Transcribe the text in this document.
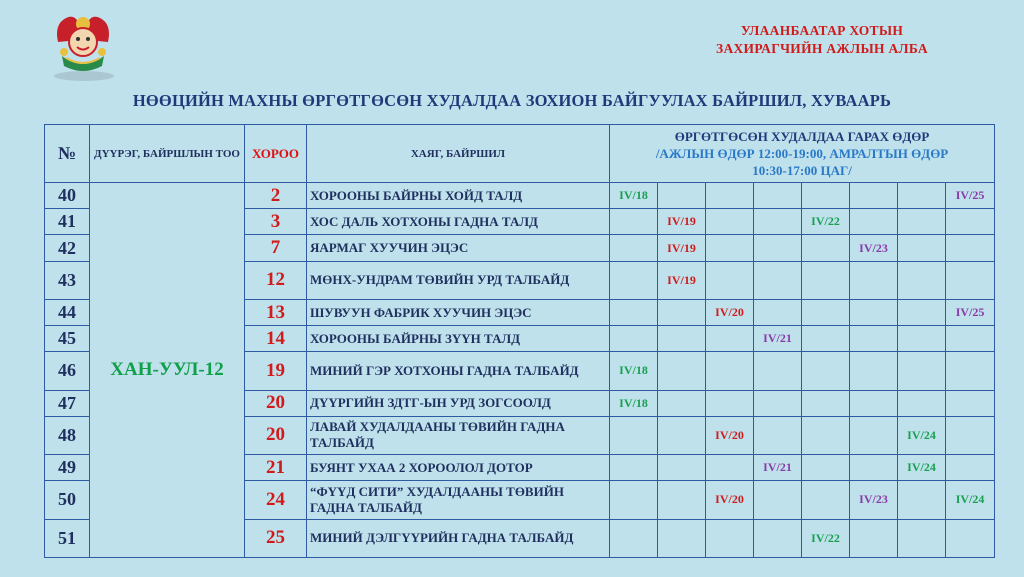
УЛААНБААТАР ХОТЫН
ЗАХИРАГЧИЙН АЖЛЫН АЛБА
НӨӨЦИЙН МАХНЫ ӨРГӨТГӨСӨН ХУДАЛДАА ЗОХИОН БАЙГУУЛАХ БАЙРШИЛ, ХУВААРЬ
№	ДҮҮРЭГ, БАЙРШЛЫН ТОО	ХОРОО	ХАЯГ, БАЙРШИЛ	ӨРГӨТГӨСӨН ХУДАЛДАА ГАРАХ ӨДӨР
/АЖЛЫН ӨДӨР 12:00-19:00, АМРАЛТЫН ӨДӨР
10:30-17:00 ЦАГ/							

40	ХАН-УУЛ-12	2	ХОРООНЫ БАЙРНЫ ХОЙД ТАЛД	IV/18							IV/25
41		3	ХОС ДАЛЬ ХОТХОНЫ ГАДНА ТАЛД		IV/19			IV/22			
42		7	ЯАРМАГ ХУУЧИН ЭЦЭС		IV/19				IV/23		
43		12	МӨНХ-УНДРАМ ТӨВИЙН УРД ТАЛБАЙД		IV/19						
44		13	ШУВУУН ФАБРИК ХУУЧИН ЭЦЭС			IV/20					IV/25
45		14	ХОРООНЫ БАЙРНЫ ЗҮҮН ТАЛД				IV/21				
46		19	МИНИЙ ГЭР ХОТХОНЫ ГАДНА ТАЛБАЙД	IV/18							
47		20	ДҮҮРГИЙН ЗДТГ-ЫН УРД ЗОГСООЛД	IV/18							
48		20	ЛАВАЙ ХУДАЛДААНЫ ТӨВИЙН ГАДНА ТАЛБАЙД			IV/20				IV/24	
49		21	БУЯНТ УХАА 2 ХОРООЛОЛ ДОТОР				IV/21			IV/24	
50		24	“ФҮҮД СИТИ” ХУДАЛДААНЫ ТӨВИЙН ГАДНА ТАЛБАЙД			IV/20			IV/23		IV/24
51		25	МИНИЙ ДЭЛГҮҮРИЙН ГАДНА ТАЛБАЙД					IV/22			
